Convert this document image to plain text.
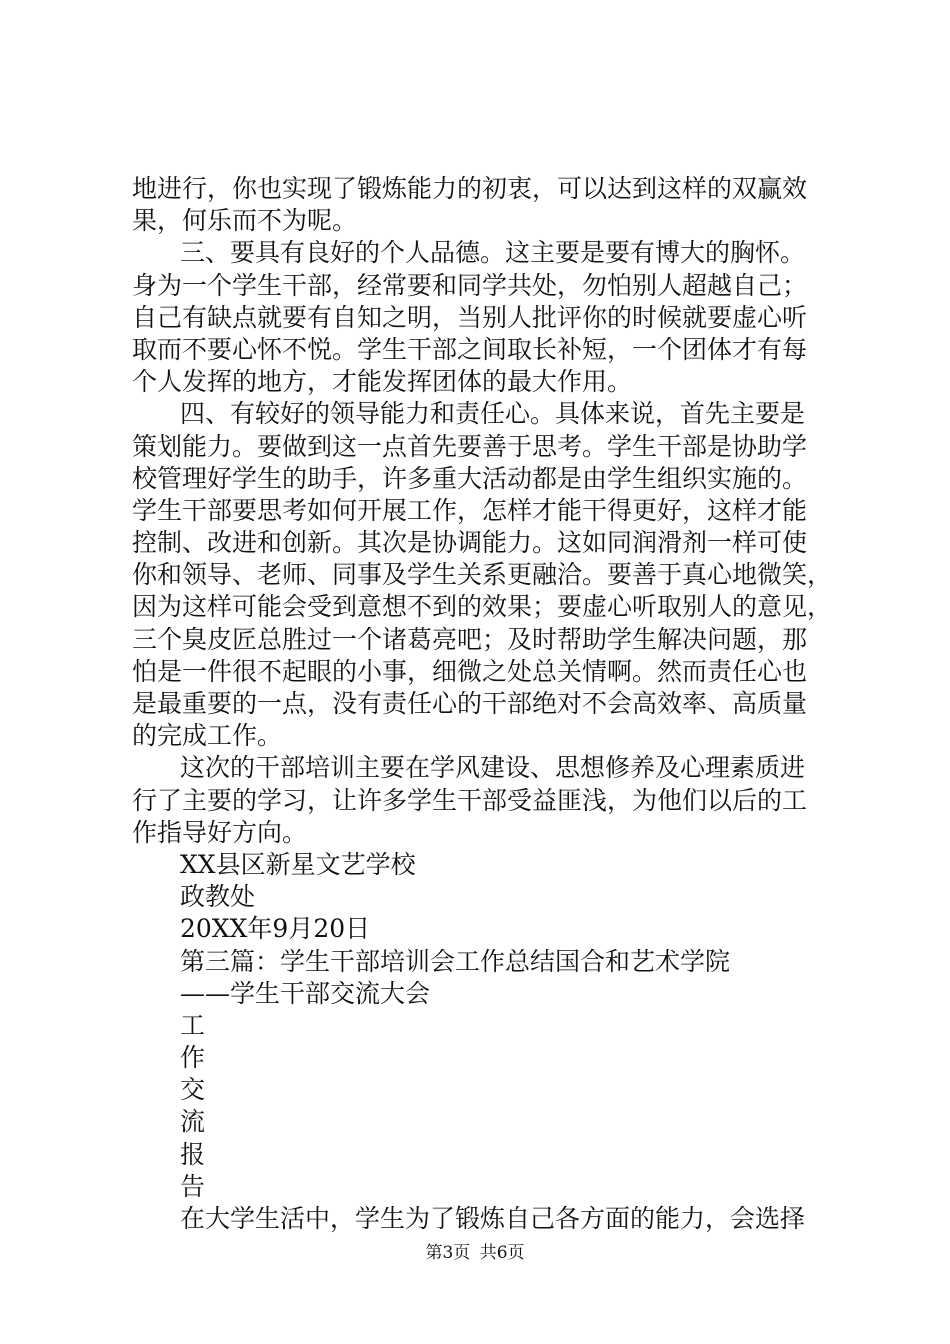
地进行，你也实现了锻炼能力的初衷，可以达到这样的双赢效
果，何乐而不为呢。
三、要具有良好的个人品德。这主要是要有博大的胸怀。
身为一个学生干部，经常要和同学共处，勿怕别人超越自己；
自己有缺点就要有自知之明，当别人批评你的时候就要虚心听
取而不要心怀不悦。学生干部之间取长补短，一个团体才有每
个人发挥的地方，才能发挥团体的最大作用。
四、有较好的领导能力和责任心。具体来说，首先主要是
策划能力。要做到这一点首先要善于思考。学生干部是协助学
校管理好学生的助手，许多重大活动都是由学生组织实施的。
学生干部要思考如何开展工作，怎样才能干得更好，这样才能
控制、改进和创新。其次是协调能力。这如同润滑剂一样可使
你和领导、老师、同事及学生关系更融洽。要善于真心地微笑，
因为这样可能会受到意想不到的效果；要虚心听取别人的意见，
三个臭皮匠总胜过一个诸葛亮吧；及时帮助学生解决问题，那
怕是一件很不起眼的小事，细微之处总关情啊。然而责任心也
是最重要的一点，没有责任心的干部绝对不会高效率、高质量
的完成工作。
这次的干部培训主要在学风建设、思想修养及心理素质进
行了主要的学习，让许多学生干部受益匪浅，为他们以后的工
作指导好方向。
XX县区新星文艺学校
政教处
20XX年9月20日
第三篇：学生干部培训会工作总结国合和艺术学院
——学生干部交流大会
工
作
交
流
报
告
在大学生活中，学生为了锻炼自己各方面的能力，会选择
第3页 共6页
